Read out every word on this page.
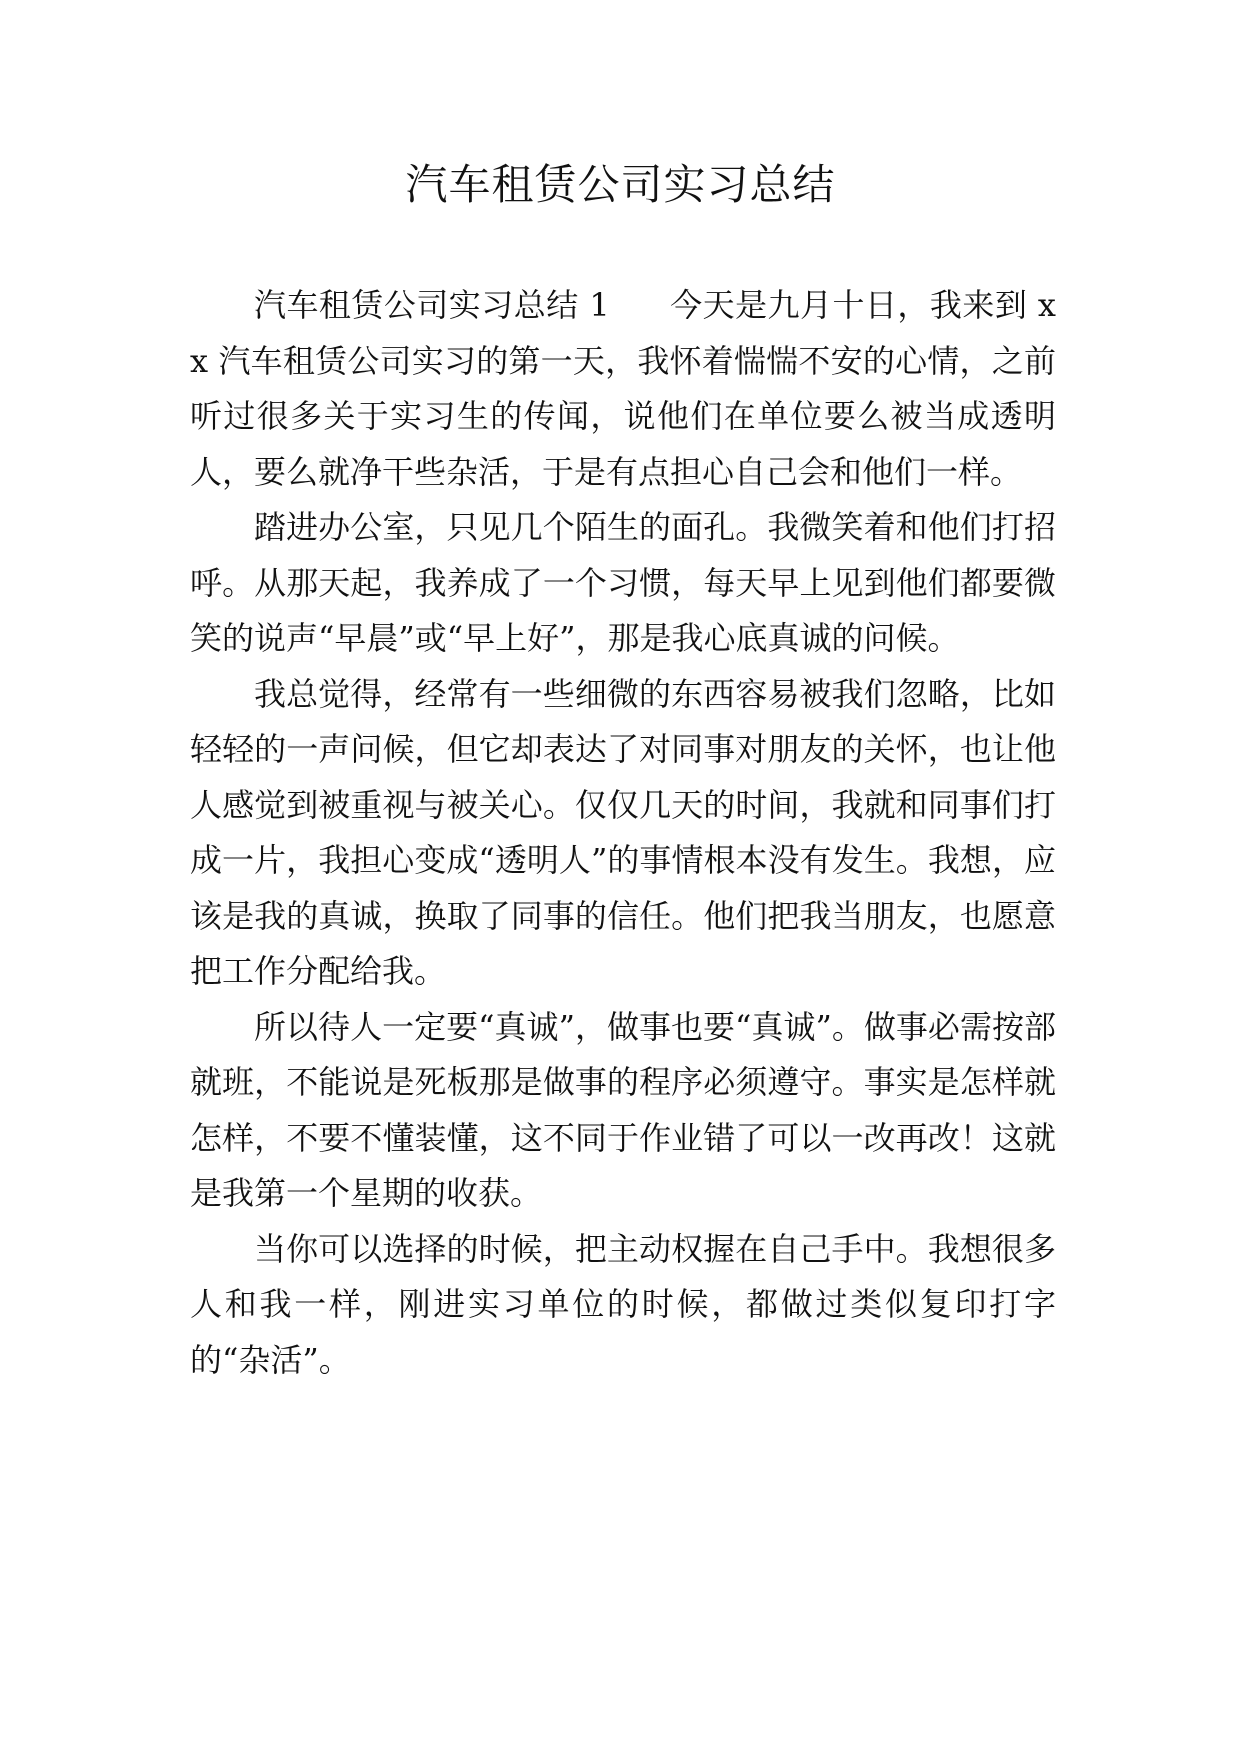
汽车租赁公司实习总结

汽车租赁公司实习总结 1 今天是九月十日，我来到 xx 汽车租赁公司实习的第一天，我怀着惴惴不安的心情，之前听过很多关于实习生的传闻，说他们在单位要么被当成透明人，要么就净干些杂活，于是有点担心自己会和他们一样。

踏进办公室，只见几个陌生的面孔。我微笑着和他们打招呼。从那天起，我养成了一个习惯，每天早上见到他们都要微笑的说声“早晨”或“早上好”，那是我心底真诚的问候。

我总觉得，经常有一些细微的东西容易被我们忽略，比如轻轻的一声问候，但它却表达了对同事对朋友的关怀，也让他人感觉到被重视与被关心。仅仅几天的时间，我就和同事们打成一片，我担心变成“透明人”的事情根本没有发生。我想，应该是我的真诚，换取了同事的信任。他们把我当朋友，也愿意把工作分配给我。

所以待人一定要“真诚”，做事也要“真诚”。做事必需按部就班，不能说是死板那是做事的程序必须遵守。事实是怎样就怎样，不要不懂装懂，这不同于作业错了可以一改再改！这就是我第一个星期的收获。

当你可以选择的时候，把主动权握在自己手中。我想很多人和我一样，刚进实习单位的时候，都做过类似复印打字的“杂活”。
